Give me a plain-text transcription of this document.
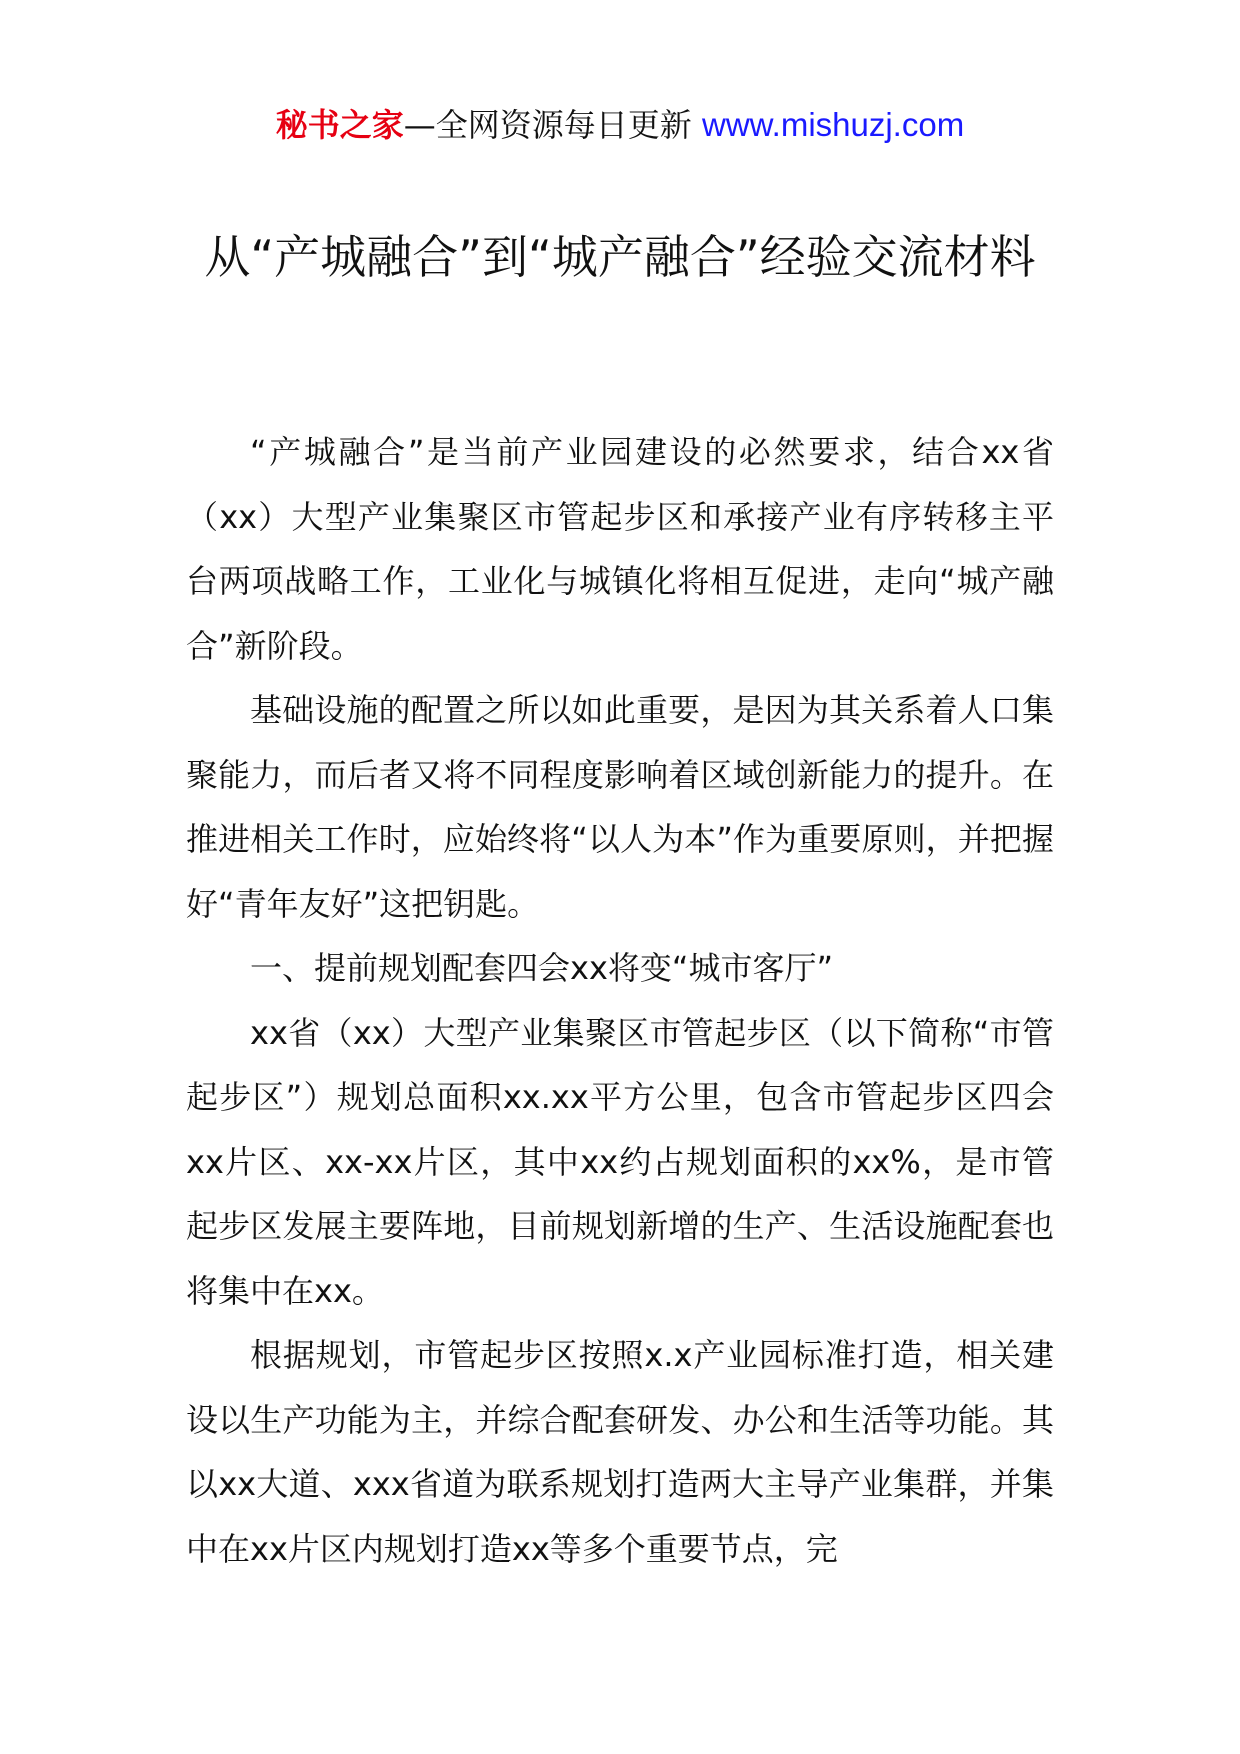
秘书之家—全网资源每日更新 www.mishuzj.com
从“产城融合”到“城产融合”经验交流材料

“产城融合”是当前产业园建设的必然要求，结合xx省（xx）大型产业集聚区市管起步区和承接产业有序转移主平台两项战略工作，工业化与城镇化将相互促进，走向“城产融合”新阶段。

基础设施的配置之所以如此重要，是因为其关系着人口集聚能力，而后者又将不同程度影响着区域创新能力的提升。在推进相关工作时，应始终将“以人为本”作为重要原则，并把握好“青年友好”这把钥匙。

一、提前规划配套四会xx将变“城市客厅”

xx省（xx）大型产业集聚区市管起步区（以下简称“市管起步区”）规划总面积xx.xx平方公里，包含市管起步区四会xx片区、xx-xx片区，其中xx约占规划面积的xx%，是市管起步区发展主要阵地，目前规划新增的生产、生活设施配套也将集中在xx。

根据规划，市管起步区按照x.x产业园标准打造，相关建设以生产功能为主，并综合配套研发、办公和生活等功能。其以xx大道、xxx省道为联系规划打造两大主导产业集群，并集中在xx片区内规划打造xx等多个重要节点，完
